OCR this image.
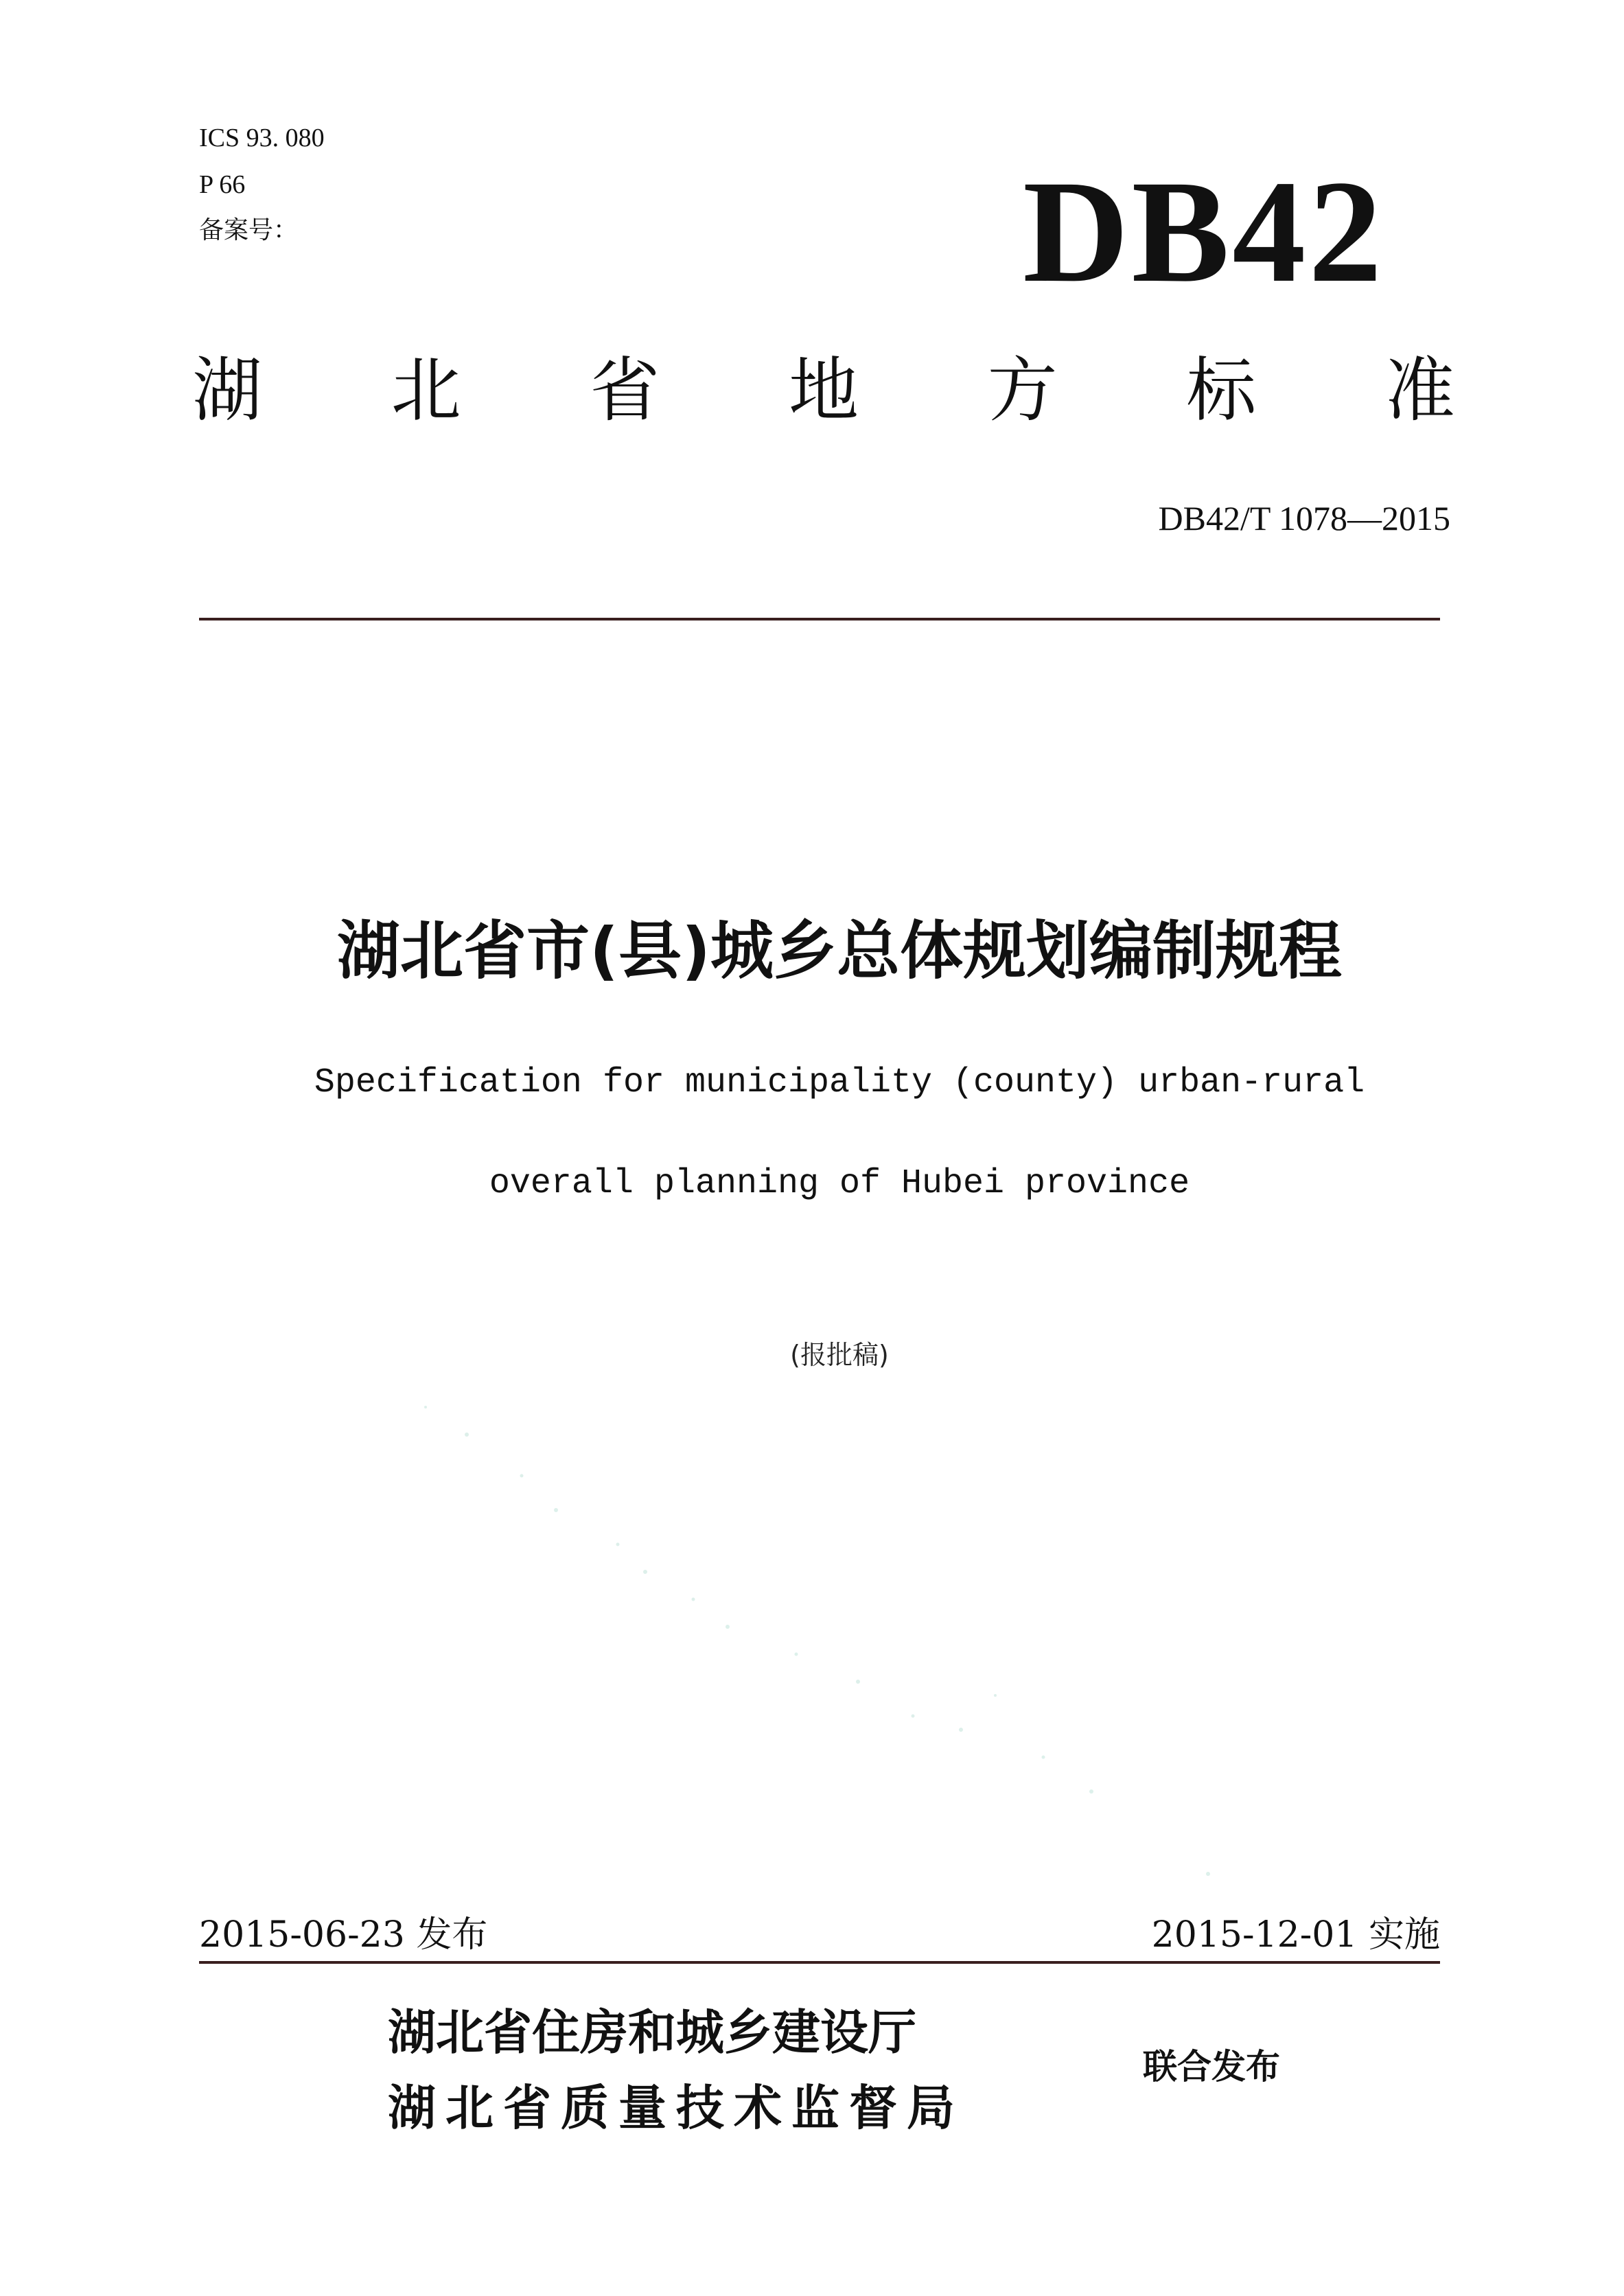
ICS 93. 080
P 66
备案号：	DB42
湖 北 省 地 方 标 准
DB42/T 1078—2015
湖北省市(县)城乡总体规划编制规程
Specification for municipality (county) urban-rural
overall planning of Hubei province
(报批稿)
2015-06-23 发布	2015-12-01 实施
湖北省住房和城乡建设厅
湖北省质量技术监督局
联合发布
